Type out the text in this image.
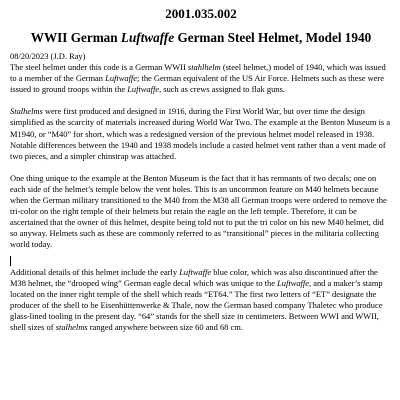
2001.035.002
WWII German Luftwaffe German Steel Helmet, Model 1940

08/20/2023 (J.D. Ray)

The steel helmet under this code is a German WWII stahlhelm (steel helmet,) model of 1940, which was issued to a member of the German Luftwaffe; the German equivalent of the US Air Force. Helmets such as these were issued to ground troops within the Luftwaffe, such as crews assigned to flak guns.

Stalhelms were first produced and designed in 1916, during the First World War, but over time the design simplified as the scarcity of materials increased during World War Two. The example at the Benton Museum is a M1940, or “M40” for short, which was a redesigned version of the previous helmet model released in 1938. Notable differences between the 1940 and 1938 models include a casted helmet vent rather than a vent made of two pieces, and a simpler chinstrap was attached.

One thing unique to the example at the Benton Museum is the fact that it has remnants of two decals; one on each side of the helmet’s temple below the vent holes. This is an uncommon feature on M40 helmets because when the German military transitioned to the M40 from the M38 all German troops were ordered to remove the tri-color on the right temple of their helmets but retain the eagle on the left temple. Therefore, it can be ascertained that the owner of this helmet, despite being told not to put the tri color on his new M40 helmet, did so anyway. Helmets such as these are commonly referred to as “transitional” pieces in the militaria collecting world today.

Additional details of this helmet include the early Luftwaffe blue color, which was also discontinued after the M38 helmet, the “drooped wing” German eagle decal which was unique to the Luftwaffe, and a maker’s stamp located on the inner right temple of the shell which reads “ET64.” The first two letters of “ET” designate the producer of the shell to be Eisenhüttenwerke & Thale, now the German based company Thaletec who produce glass-lined tooling in the present day. “64” stands for the shell size in centimeters. Between WWI and WWII, shell sizes of stalhelms ranged anywhere between size 60 and 68 cm.
